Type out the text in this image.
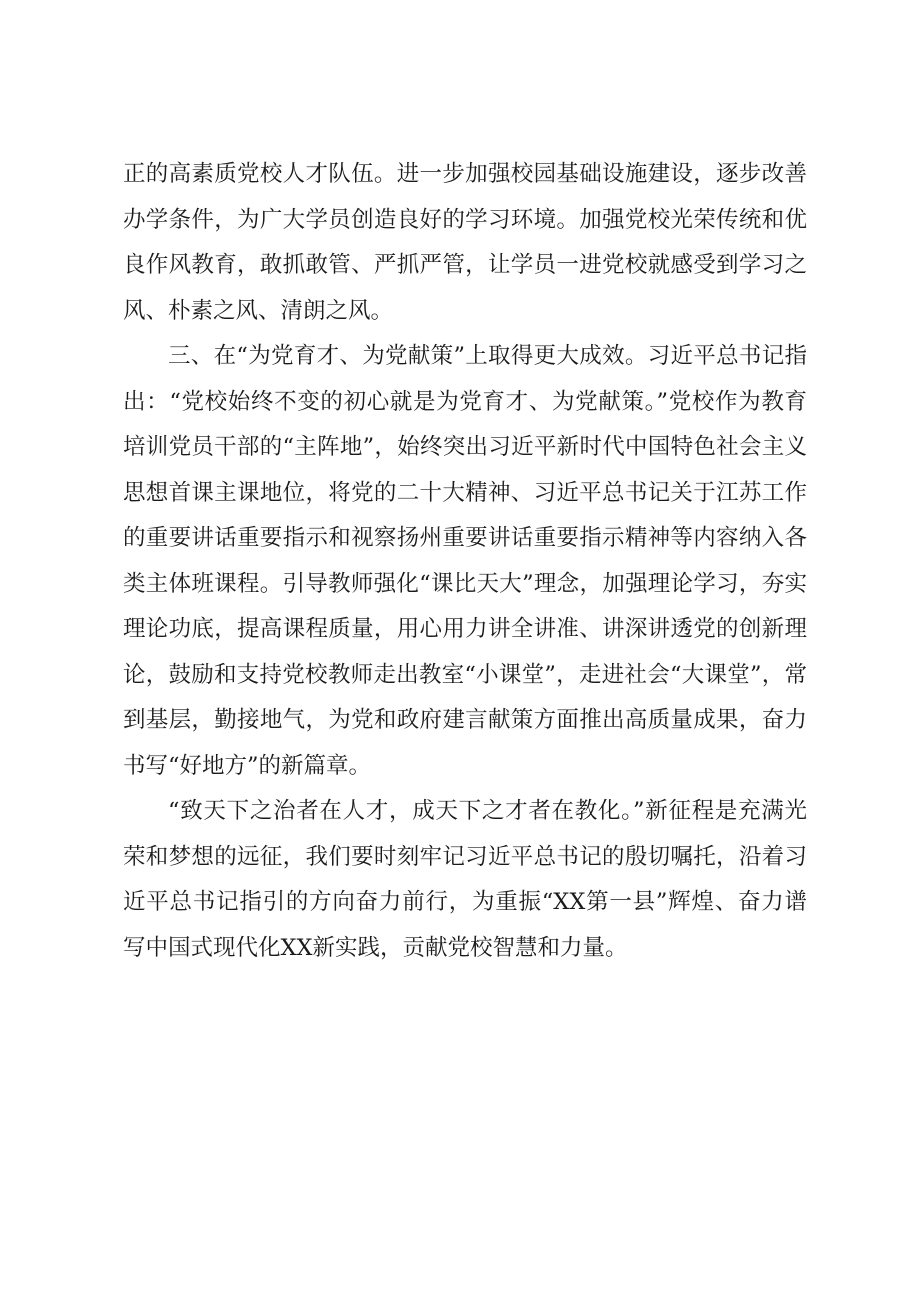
正的高素质党校人才队伍。进一步加强校园基础设施建设，逐步改善办学条件，为广大学员创造良好的学习环境。加强党校光荣传统和优良作风教育，敢抓敢管、严抓严管，让学员一进党校就感受到学习之风、朴素之风、清朗之风。

三、在“为党育才、为党献策”上取得更大成效。习近平总书记指出：“党校始终不变的初心就是为党育才、为党献策。”党校作为教育培训党员干部的“主阵地”，始终突出习近平新时代中国特色社会主义思想首课主课地位，将党的二十大精神、习近平总书记关于江苏工作的重要讲话重要指示和视察扬州重要讲话重要指示精神等内容纳入各类主体班课程。引导教师强化“课比天大”理念，加强理论学习，夯实理论功底，提高课程质量，用心用力讲全讲准、讲深讲透党的创新理论，鼓励和支持党校教师走出教室“小课堂”，走进社会“大课堂”，常到基层，勤接地气，为党和政府建言献策方面推出高质量成果，奋力书写“好地方”的新篇章。

“致天下之治者在人才，成天下之才者在教化。”新征程是充满光荣和梦想的远征，我们要时刻牢记习近平总书记的殷切嘱托，沿着习近平总书记指引的方向奋力前行，为重振“XX第一县”辉煌、奋力谱写中国式现代化XX新实践，贡献党校智慧和力量。
